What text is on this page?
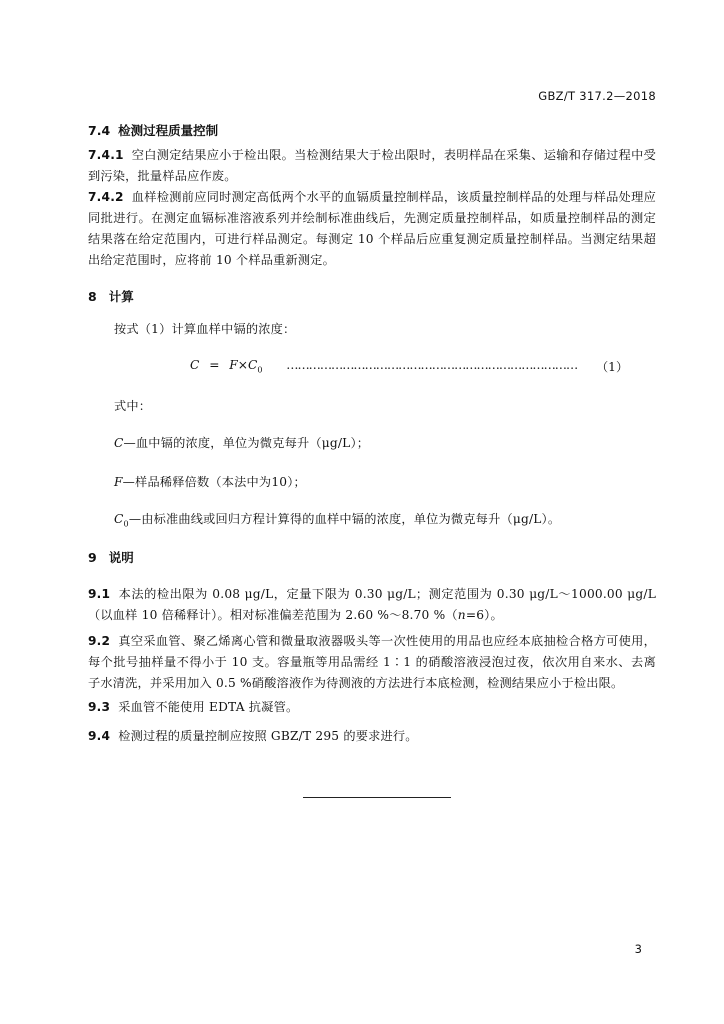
GBZ/T 317.2—2018
7.4 检测过程质量控制
7.4.1 空白测定结果应小于检出限。当检测结果大于检出限时，表明样品在采集、运输和存储过程中受到污染，批量样品应作废。
7.4.2 血样检测前应同时测定高低两个水平的血镉质量控制样品，该质量控制样品的处理与样品处理应同批进行。在测定血镉标准溶液系列并绘制标准曲线后，先测定质量控制样品，如质量控制样品的测定结果落在给定范围内，可进行样品测定。每测定 10 个样品后应重复测定质量控制样品。当测定结果超出给定范围时，应将前 10 个样品重新测定。
8 计算
按式（1）计算血样中镉的浓度：
$C = F\times C_0$ …………………………………………………………………… （1）
式中：
C—血中镉的浓度，单位为微克每升（μg/L）；
F—样品稀释倍数（本法中为10）；
$C_0—$由标准曲线或回归方程计算得的血样中镉的浓度，单位为微克每升（μg/L）。
9 说明
9.1 本法的检出限为 0.08 μg/L，定量下限为 0.30 μg/L；测定范围为 0.30 μg/L～1000.00 μg/L（以血样 10 倍稀释计）。相对标准偏差范围为 2.60 %～8.70 %（n=6）。
9.2 真空采血管、聚乙烯离心管和微量取液器吸头等一次性使用的用品也应经本底抽检合格方可使用，每个批号抽样量不得小于 10 支。容量瓶等用品需经 1∶1 的硝酸溶液浸泡过夜，依次用自来水、去离子水清洗，并采用加入 0.5 %硝酸溶液作为待测液的方法进行本底检测，检测结果应小于检出限。
9.3 采血管不能使用 EDTA 抗凝管。
9.4 检测过程的质量控制应按照 GBZ/T 295 的要求进行。
3
